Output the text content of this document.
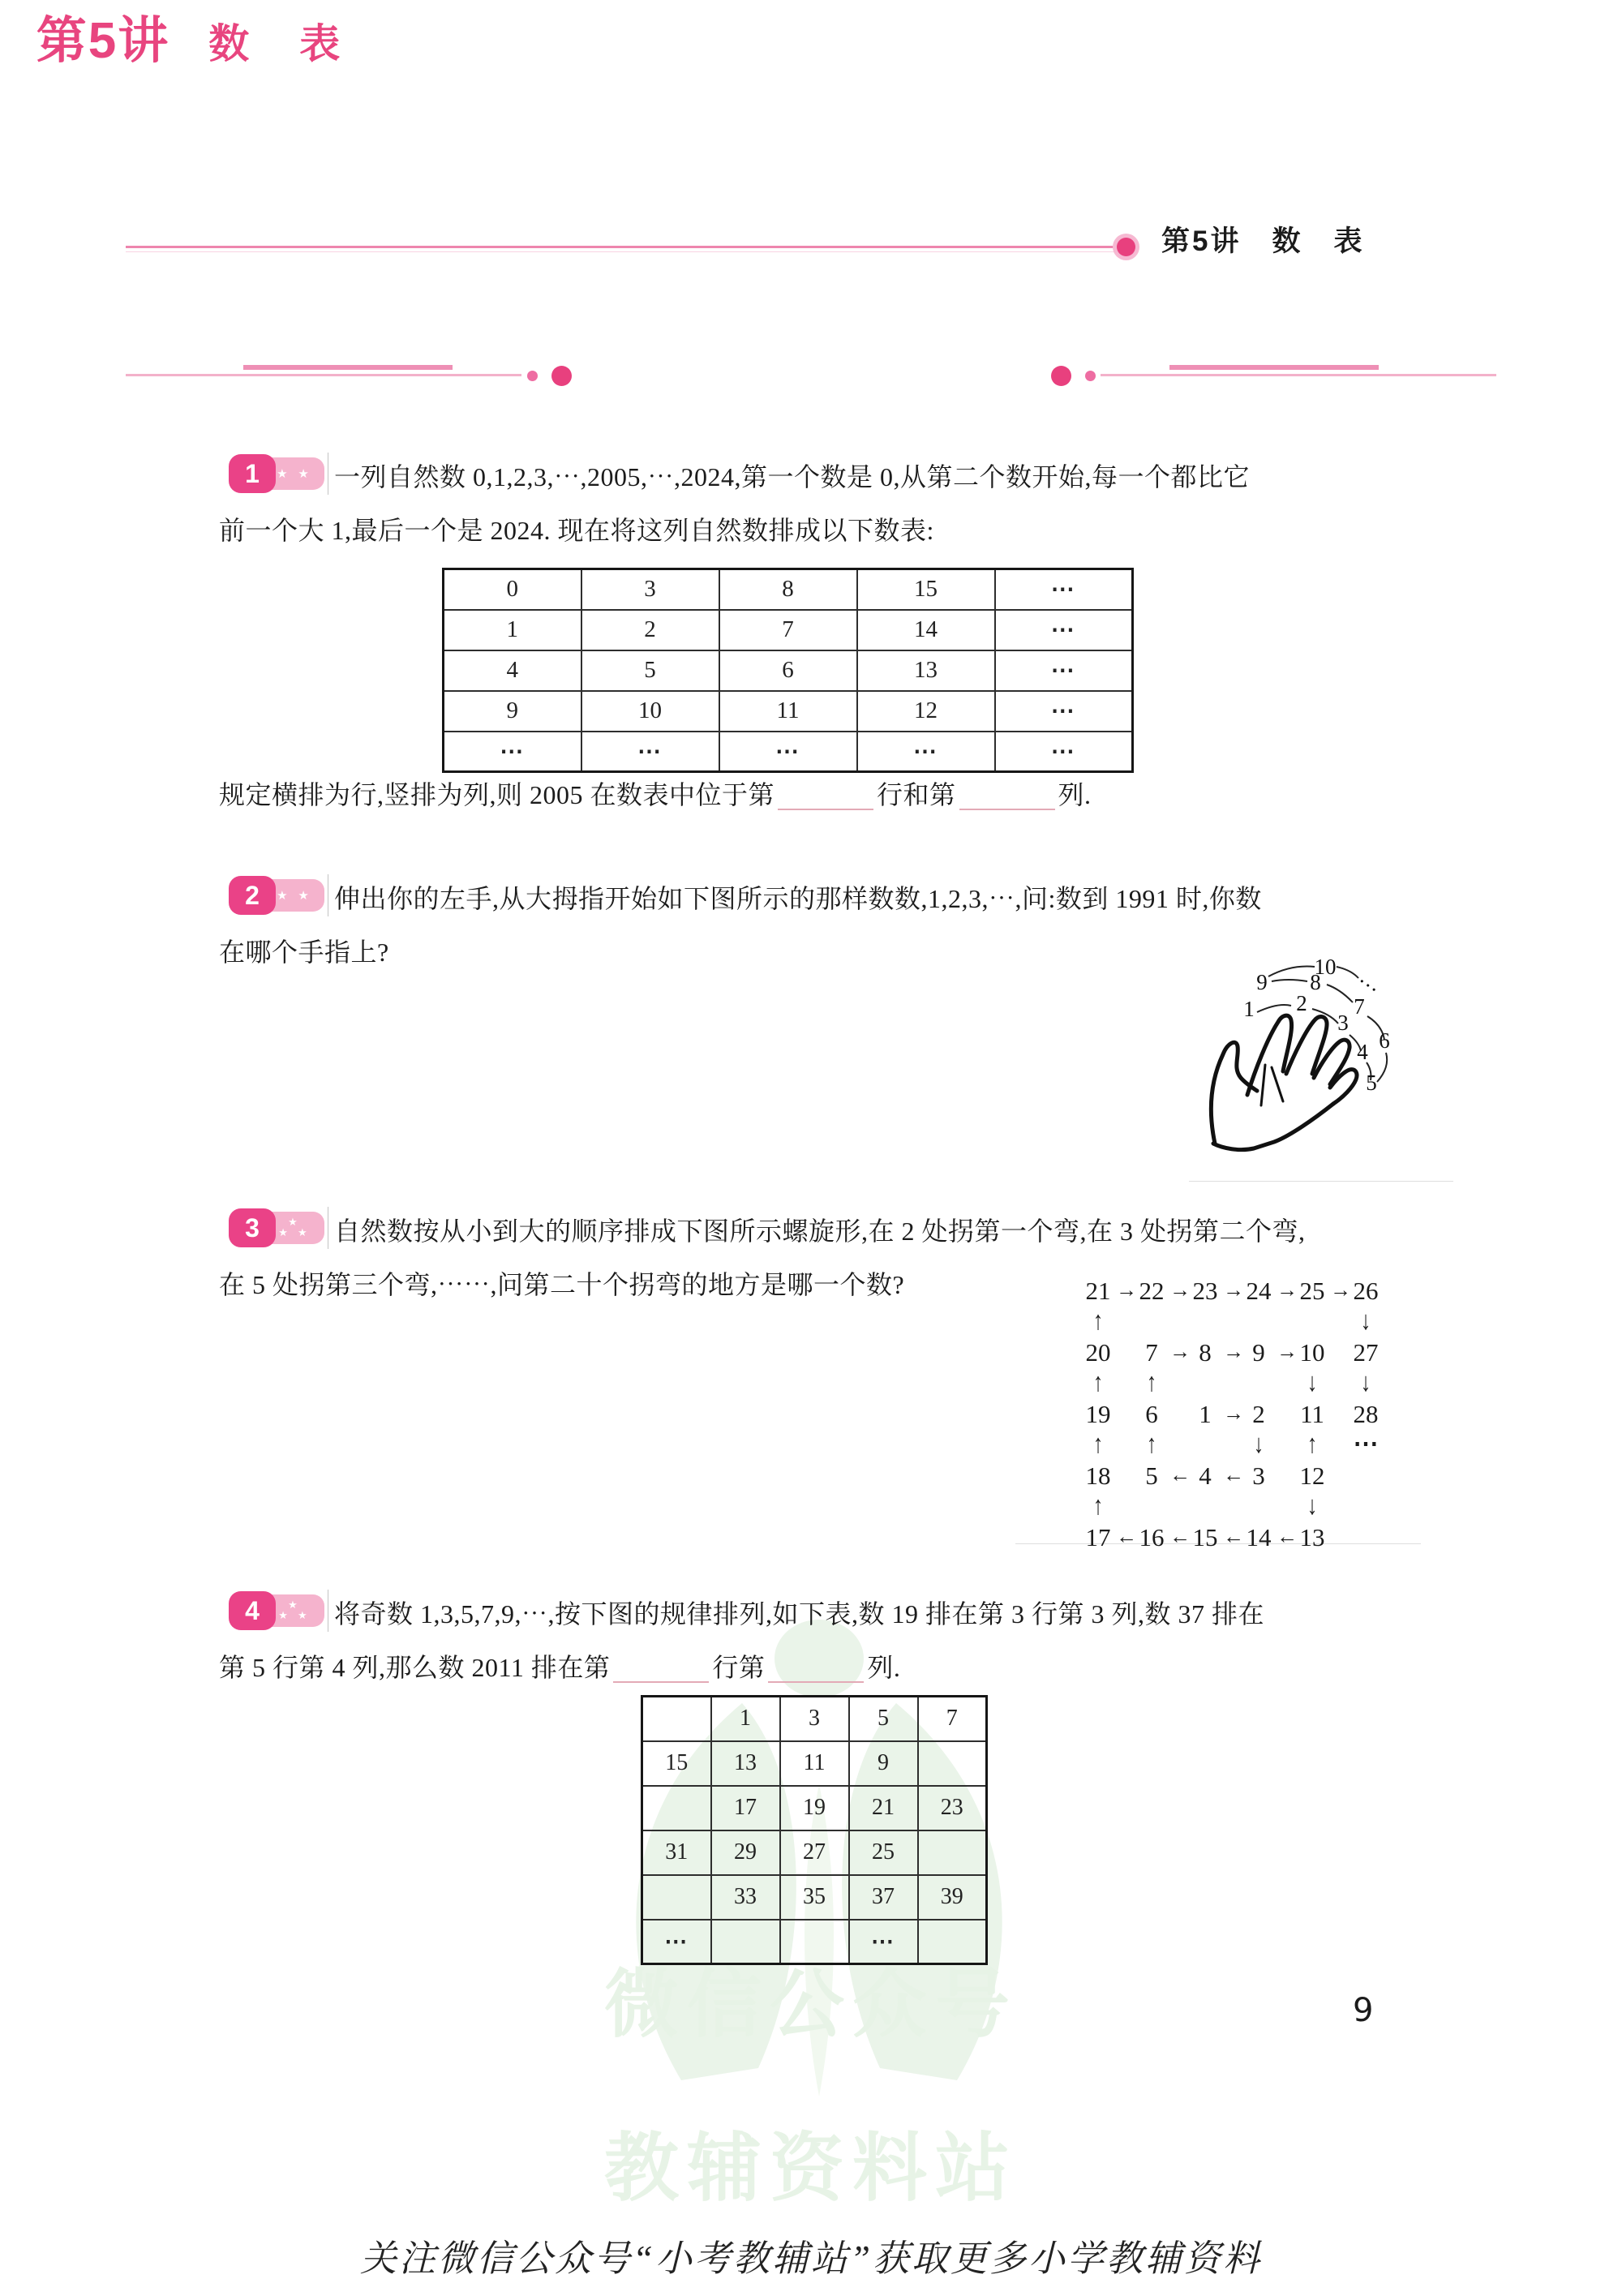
微信公众号
教辅资料站
第5讲　数　表
第5讲 数　表
★ ★
1	一列自然数 0,1,2,3,⋯,2005,⋯,2024,第一个数是 0,从第二个数开始,每一个都比它
前一个大 1,最后一个是 2024. 现在将这列自然数排成以下数表:
0	3	8	15	⋯
1	2	7	14	⋯
4	5	6	13	⋯
9	10	11	12	⋯
⋯	⋯	⋯	⋯	⋯
规定横排为行,竖排为列,则 2005 在数表中位于第	行和第	列.
★ ★
2	伸出你的左手,从大拇指开始如下图所示的那样数数,1,2,3,⋯,问:数到 1991 时,你数
在哪个手指上?
1 2
3
4
5
6
7
8
9
10 …
★
★ ★
3	自然数按从小到大的顺序排成下图所示螺旋形,在 2 处拐第一个弯,在 3 处拐第二个弯,
在 5 处拐第三个弯,⋯⋯,问第二十个拐弯的地方是哪一个数?	21 → 22 → 23 → 24 → 25 → 26
↑	↓
20	7 → 8 → 9 → 10 27
↑	↑	↓	↓
19	6	1 → 2	11 28
↑	↑	↓	↑	⋯
18	5 ← 4 ← 3	12
↑	↓
17 ← 16 ← 15 ← 14 ← 13
★
★ ★
4	将奇数 1,3,5,7,9,⋯,按下图的规律排列,如下表,数 19 排在第 3 行第 3 列,数 37 排在
第 5 行第 4 列,那么数 2011 排在第	行第	列.
	1	3	5	7
15	13	11	9	
	17	19	21	23
31	29	27	25	
	33	35	37	39
⋯			⋯	
9
关注微信公众号“小考教辅站”获取更多小学教辅资料
